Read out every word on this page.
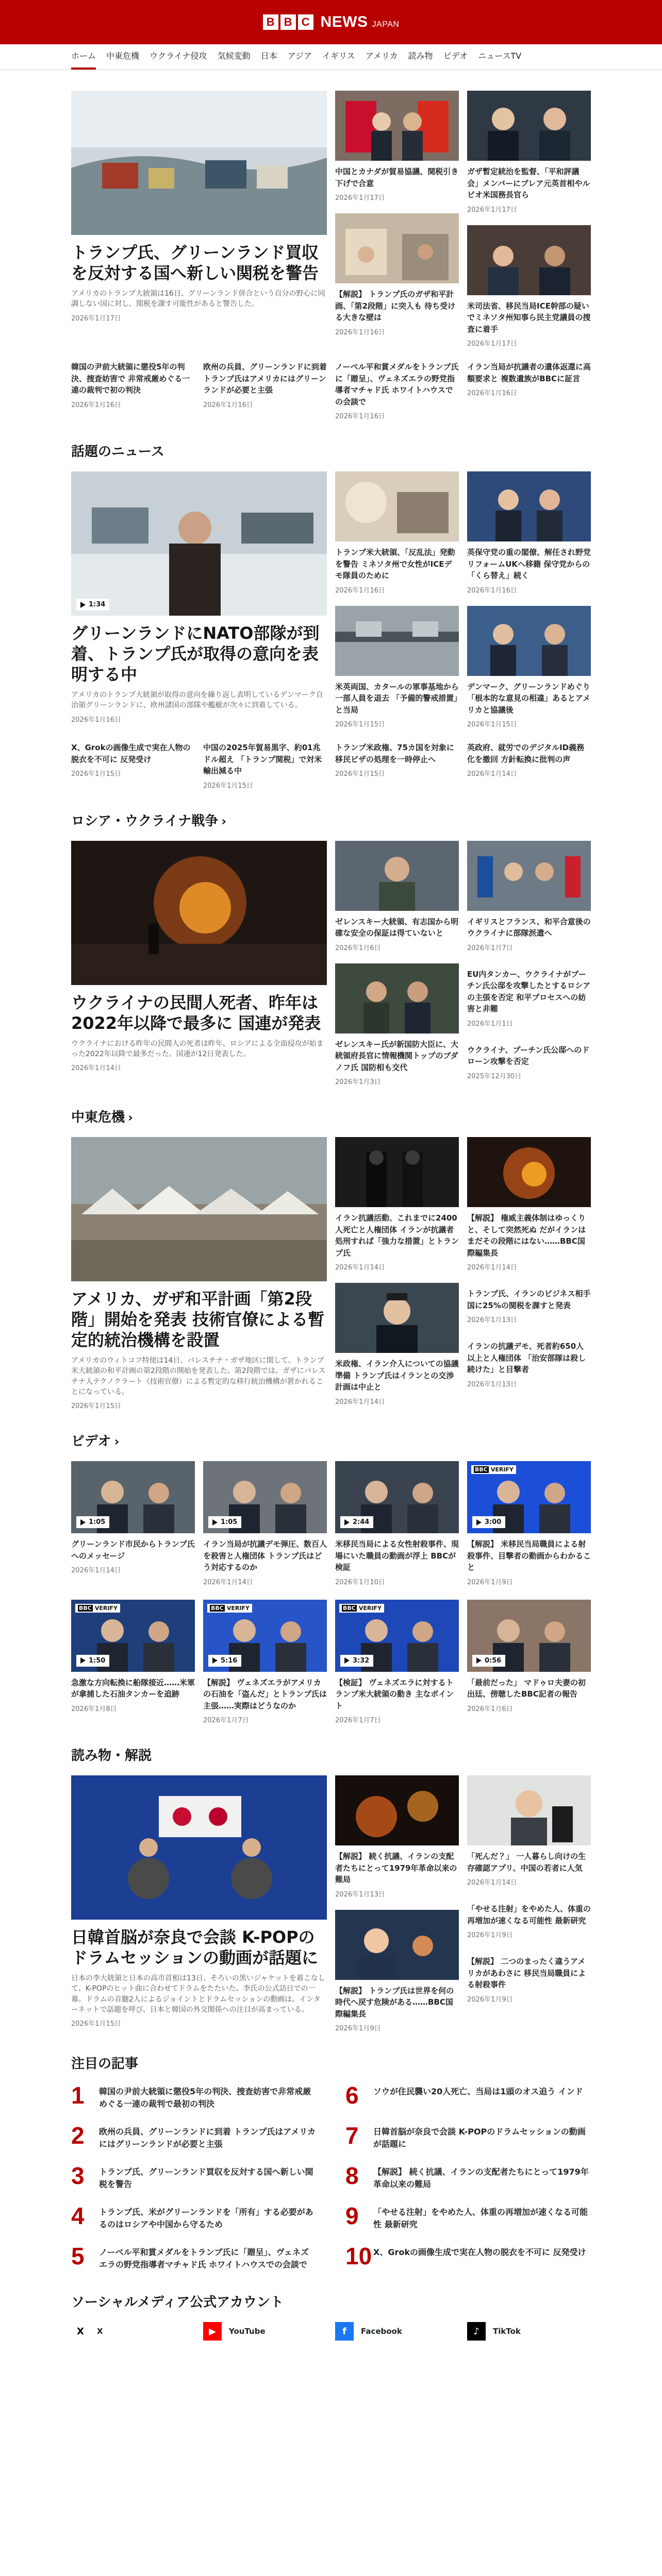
B B C NEWS JAPAN
ホーム 中東危機 ウクライナ侵攻 気候変動 日本 アジア イギリス アメリカ 読み物 ビデオ ニュースTV
トランプ氏、グリーンランド買収を反対する国へ新しい関税を警告

アメリカのトランプ大統領は16日、グリーンランド併合という自分の野心に同調しない国に対し、関税を課す可能性があると警告した。

2026年1月17日
中国とカナダが貿易協議、関税引き下げで合意
2026年1月17日
【解説】 トランプ氏のガザ和平計画、「第2段階」に突入も 待ち受ける大きな壁は
2026年1月16日
ガザ暫定統治を監督、「平和評議会」メンバーにブレア元英首相やルビオ米国務長官ら
2026年1月17日
米司法省、移民当局ICE幹部の疑いでミネソタ州知事ら民主党議員の捜査に着手
2026年1月17日
韓国の尹前大統領に懲役5年の判決、捜査妨害で 非常戒厳めぐる一連の裁判で初の判決
2026年1月16日
欧州の兵員、グリーンランドに到着 トランプ氏はアメリカにはグリーンランドが必要と主張
2026年1月16日
ノーベル平和賞メダルをトランプ氏に「贈呈」、ヴェネズエラの野党指導者マチャド氏 ホワイトハウスでの会談で
2026年1月16日
イラン当局が抗議者の遺体返還に高額要求と 複数遺族がBBCに証言
2026年1月16日
話題のニュース
1:34
グリーンランドにNATO部隊が到着、トランプ氏が取得の意向を表明する中

アメリカのトランプ大統領が取得の意向を繰り返し表明しているデンマーク自治領グリーンランドに、欧州諸国の部隊や艦艇が次々に到着している。

2026年1月16日
トランプ米大統領、「反乱法」発動を警告 ミネソタ州で女性がICEデモ隊員のために
2026年1月16日
米英両国、カタールの軍事基地から一部人員を退去 「予備的警戒措置」と当局
2026年1月15日
英保守党の重の閣僚、解任され野党リフォームUKへ移籍 保守党からの「くら替え」続く
2026年1月16日
デンマーク、グリーンランドめぐり「根本的な意見の相違」あるとアメリカと協議後
2026年1月15日
X、Grokの画像生成で実在人物の脱衣を不可に 反発受け
2026年1月15日
中国の2025年貿易黒字、約01兆ドル超え 「トランプ関税」で対米輸出減る中
2026年1月15日
トランプ米政権、75カ国を対象に移民ビザの処理を一時停止へ
2026年1月15日
英政府、就労でのデジタルID義務化を撤回 方針転換に批判の声
2026年1月14日
ロシア・ウクライナ戦争 ›
ウクライナの民間人死者、昨年は2022年以降で最多に 国連が発表

ウクライナにおける昨年の民間人の死者は昨年、ロシアによる全面侵攻が始まった2022年以降で最多だった。国連が12日発表した。

2026年1月14日
ゼレンスキー大統領、有志国から明確な安全の保証は得ていないと
2026年1月6日
ゼレンスキー氏が新国防大臣に、大統領府長官に情報機関トップのブダノフ氏 国防相も交代
2026年1月3日
イギリスとフランス、和平合意後のウクライナに部隊派遣へ
2026年1月7日
EU内タンカー、ウクライナがブーチン氏公邸を攻撃したとするロシアの主張を否定 和平プロセスへの妨害と非難
2026年1月1日
ウクライナ、プーチン氏公邸へのドローン攻撃を否定
2025年12月30日
中東危機 ›
アメリカ、ガザ和平計画「第2段階」開始を発表 技術官僚による暫定的統治機構を設置

アメリカのウィトコフ特使は14日、パレスチナ・ガザ地区に関して、トランプ米大統領の和平計画の第2段階の開始を発表した。第2段階では、ガザにパレスチナ人テクノクラート（技術官僚）による暫定的な移行統治機構が置かれることになっている。

2026年1月15日
イラン抗議活動、これまでに2400人死亡と人権団体 イランが抗議者処刑すれば「強力な措置」とトランプ氏
2026年1月14日
米政権、イラン介入についての協議準備 トランプ氏はイランとの交渉計画は中止と
2026年1月14日
【解説】 権威主義体制はゆっくりと、そして突然死ぬ だがイランはまだその段階にはない……BBC国際編集長
2026年1月14日
トランプ氏、イランのビジネス相手国に25%の関税を課すと発表
2026年1月13日
イランの抗議デモ、死者約650人以上と人権団体 「治安部隊は殺し続けた」と目撃者
2026年1月13日
ビデオ ›
1:05
グリーンランド市民からトランプ氏へのメッセージ
2026年1月14日
1:05
イラン当局が抗議デモ弾圧、数百人を殺害と人権団体 トランプ氏はどう対応するのか
2026年1月14日
2:44
米移民当局による女性射殺事件、現場にいた職員の動画が浮上 BBCが検証
2026年1月10日
BBC VERIFY
3:00
【解説】 米移民当局職員による射殺事件、目撃者の動画からわかること
2026年1月9日
BBC VERIFY
1:50
急激な方向転換に船隊接近……米軍が拿捕した石油タンカーを追跡
2026年1月8日
BBC VERIFY
5:16
【解説】 ヴェネズエラがアメリカの石油を「盗んだ」とトランプ氏は主張……実際はどうなのか
2026年1月7日
BBC VERIFY
3:32
【検証】 ヴェネズエラに対するトランプ米大統領の動き 主なポイント
2026年1月7日
0:56
「最前だった」 マドゥロ夫妻の初出廷、傍聴したBBC記者の報告
2026年1月6日
読み物・解説
日韓首脳が奈良で会談 K-POPのドラムセッションの動画が話題に

日本の李大統領と日本の高市首相は13日、そろいの黒いジャケットを着こなして、K-POPのヒット曲に合わせてドラムをたたいた。李氏の公式訪日での一幕。ドラムの音髄2人によるジョイントとドラムセッションの動画は、インターネットで話題を呼び、日本と韓国の外交関係への注目が高まっている。

2026年1月15日
【解説】 続く抗議、イランの支配者たちにとって1979年革命以来の難局
2026年1月13日
【解説】 トランプ氏は世界を何の時代へ戻す危険がある……BBC国際編集長
2026年1月9日
「死んだ？」 一人暮らし向けの生存確認アプリ、中国の若者に人気
2026年1月14日
「やせる注射」をやめた人、体重の再増加が速くなる可能性 最新研究
2026年1月9日
【解説】 二つのまったく違うアメリカがあわさに 移民当局職員による射殺事件
2026年1月9日
注目の記事
1	韓国の尹前大統領に懲役5年の判決、捜査妨害で非常戒厳めぐる一連の裁判で最初の判決	6	ソウが住民襲い20人死亡、当局は1頭のオス追う インド
2	欧州の兵員、グリーンランドに到着 トランプ氏はアメリカにはグリーンランドが必要と主張	7	日韓首脳が奈良で会談 K-POPのドラムセッションの動画が話題に
3	トランプ氏、グリーンランド買収を反対する国へ新しい関税を警告	8	【解説】 続く抗議、イランの支配者たちにとって1979年革命以来の難局
4	トランプ氏、米がグリーンランドを「所有」する必要があるのはロシアや中国から守るため	9	「やせる注射」をやめた人、体重の再増加が速くなる可能性 最新研究
5	ノーベル平和賞メダルをトランプ氏に「贈呈」、ヴェネズエラの野党指導者マチャド氏 ホワイトハウスでの会談で	10 X、Grokの画像生成で実在人物の脱衣を不可に 反発受け
ソーシャルメディア公式アカウント
X	X	▶	YouTube	f	Facebook	♪	TikTok
